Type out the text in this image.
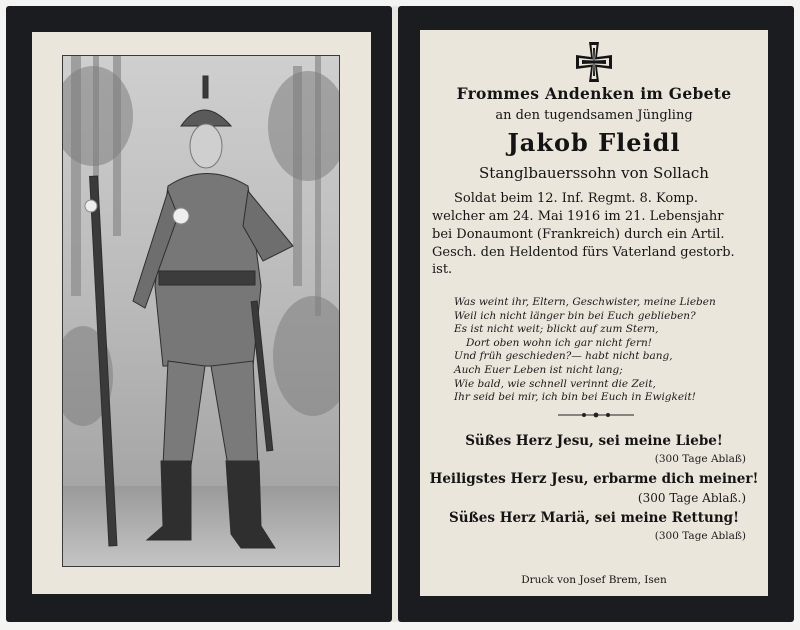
Frommes Andenken im Gebete
an den tugendsamen Jüngling
Jakob Fleidl
Stanglbauerssohn von Sollach
Soldat beim 12. Inf. Regmt. 8. Komp.
welcher am 24. Mai 1916 im 21. Lebensjahr
bei Donaumont (Frankreich) durch ein Artil.
Gesch. den Heldentod fürs Vaterland gestorb.
ist.
Was weint ihr, Eltern, Geschwister, meine Lieben
Weil ich nicht länger bin bei Euch geblieben?
Es ist nicht weit; blickt auf zum Stern,
Dort oben wohn ich gar nicht fern!
Und früh geschieden?— habt nicht bang,
Auch Euer Leben ist nicht lang;
Wie bald, wie schnell verinnt die Zeit,
Ihr seid bei mir, ich bin bei Euch in Ewigkeit!
Süßes Herz Jesu, sei meine Liebe!
(300 Tage Ablaß)
Heiligstes Herz Jesu, erbarme dich meiner!
(300 Tage Ablaß.)
Süßes Herz Mariä, sei meine Rettung!
(300 Tage Ablaß)
Druck von Josef Brem, Isen
